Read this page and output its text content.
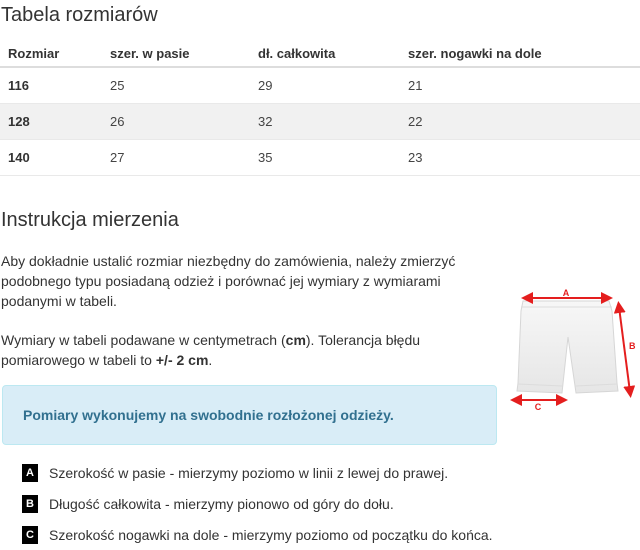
Tabela rozmiarów
Rozmiar	szer. w pasie	dł. całkowita	szer. nogawki na dole
116	25	29	21
128	26	32	22
140	27	35	23
Instrukcja mierzenia

Aby dokładnie ustalić rozmiar niezbędny do zamówienia, należy zmierzyć podobnego typu posiadaną odzież i porównać jej wymiary z wymiarami podanymi w tabeli.

Wymiary w tabeli podawane w centymetrach (cm). Tolerancja błędu pomiarowego w tabeli to +/- 2 cm.

Pomiary wykonujemy na swobodnie rozłożonej odzieży.
A Szerokość w pasie - mierzymy poziomo w linii z lewej do prawej.
B Długość całkowita - mierzymy pionowo od góry do dołu.
C Szerokość nogawki na dole - mierzymy poziomo od początku do końca.
A
B
C
